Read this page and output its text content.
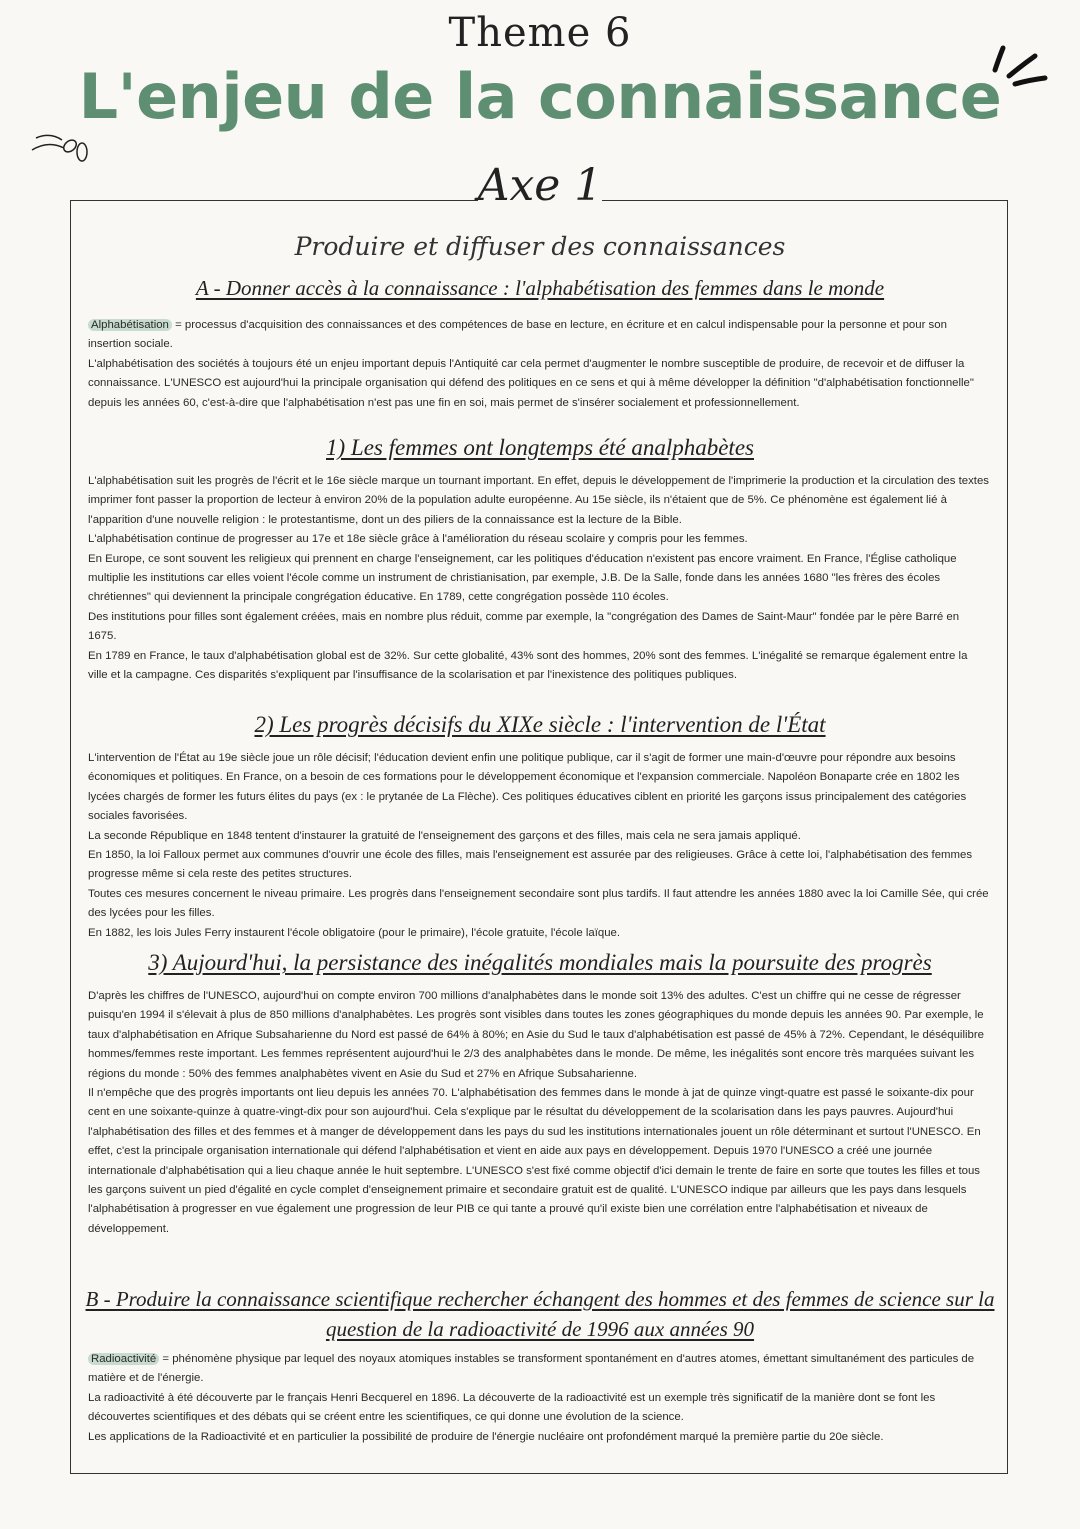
Theme 6
L'enjeu de la connaissance
Axe 1
Produire et diffuser des connaissances
A - Donner accès à la connaissance : l'alphabétisation des femmes dans le monde

Alphabétisation = processus d'acquisition des connaissances et des compétences de base en lecture, en écriture et en calcul indispensable pour la personne et pour son insertion sociale.

L'alphabétisation des sociétés à toujours été un enjeu important depuis l'Antiquité car cela permet d'augmenter le nombre susceptible de produire, de recevoir et de diffuser la connaissance. L'UNESCO est aujourd'hui la principale organisation qui défend des politiques en ce sens et qui à même développer la définition "d'alphabétisation fonctionnelle" depuis les années 60, c'est-à-dire que l'alphabétisation n'est pas une fin en soi, mais permet de s'insérer socialement et professionnellement.

1) Les femmes ont longtemps été analphabètes

L'alphabétisation suit les progrès de l'écrit et le 16e siècle marque un tournant important. En effet, depuis le développement de l'imprimerie la production et la circulation des textes imprimer font passer la proportion de lecteur à environ 20% de la population adulte européenne. Au 15e siècle, ils n'étaient que de 5%. Ce phénomène est également lié à l'apparition d'une nouvelle religion : le protestantisme, dont un des piliers de la connaissance est la lecture de la Bible.

L'alphabétisation continue de progresser au 17e et 18e siècle grâce à l'amélioration du réseau scolaire y compris pour les femmes.

En Europe, ce sont souvent les religieux qui prennent en charge l'enseignement, car les politiques d'éducation n'existent pas encore vraiment. En France, l'Église catholique multiplie les institutions car elles voient l'école comme un instrument de christianisation, par exemple, J.B. De la Salle, fonde dans les années 1680 "les frères des écoles chrétiennes" qui deviennent la principale congrégation éducative. En 1789, cette congrégation possède 110 écoles.

Des institutions pour filles sont également créées, mais en nombre plus réduit, comme par exemple, la "congrégation des Dames de Saint-Maur" fondée par le père Barré en 1675.

En 1789 en France, le taux d'alphabétisation global est de 32%. Sur cette globalité, 43% sont des hommes, 20% sont des femmes. L'inégalité se remarque également entre la ville et la campagne. Ces disparités s'expliquent par l'insuffisance de la scolarisation et par l'inexistence des politiques publiques.

2) Les progrès décisifs du XIXe siècle : l'intervention de l'État

L'intervention de l'État au 19e siècle joue un rôle décisif; l'éducation devient enfin une politique publique, car il s'agit de former une main-d'œuvre pour répondre aux besoins économiques et politiques. En France, on a besoin de ces formations pour le développement économique et l'expansion commerciale. Napoléon Bonaparte crée en 1802 les lycées chargés de former les futurs élites du pays (ex : le prytanée de La Flèche). Ces politiques éducatives ciblent en priorité les garçons issus principalement des catégories sociales favorisées.

La seconde République en 1848 tentent d'instaurer la gratuité de l'enseignement des garçons et des filles, mais cela ne sera jamais appliqué.

En 1850, la loi Falloux permet aux communes d'ouvrir une école des filles, mais l'enseignement est assurée par des religieuses. Grâce à cette loi, l'alphabétisation des femmes progresse même si cela reste des petites structures.

Toutes ces mesures concernent le niveau primaire. Les progrès dans l'enseignement secondaire sont plus tardifs. Il faut attendre les années 1880 avec la loi Camille Sée, qui crée des lycées pour les filles.

En 1882, les lois Jules Ferry instaurent l'école obligatoire (pour le primaire), l'école gratuite, l'école laïque.

3) Aujourd'hui, la persistance des inégalités mondiales mais la poursuite des progrès

D'après les chiffres de l'UNESCO, aujourd'hui on compte environ 700 millions d'analphabètes dans le monde soit 13% des adultes. C'est un chiffre qui ne cesse de régresser puisqu'en 1994 il s'élevait à plus de 850 millions d'analphabètes. Les progrès sont visibles dans toutes les zones géographiques du monde depuis les années 90. Par exemple, le taux d'alphabétisation en Afrique Subsaharienne du Nord est passé de 64% à 80%; en Asie du Sud le taux d'alphabétisation est passé de 45% à 72%. Cependant, le déséquilibre hommes/femmes reste important. Les femmes représentent aujourd'hui le 2/3 des analphabètes dans le monde. De même, les inégalités sont encore très marquées suivant les régions du monde : 50% des femmes analphabètes vivent en Asie du Sud et 27% en Afrique Subsaharienne.

Il n'empêche que des progrès importants ont lieu depuis les années 70. L'alphabétisation des femmes dans le monde à jat de quinze vingt-quatre est passé le soixante-dix pour cent en une soixante-quinze à quatre-vingt-dix pour son aujourd'hui. Cela s'explique par le résultat du développement de la scolarisation dans les pays pauvres. Aujourd'hui l'alphabétisation des filles et des femmes et à manger de développement dans les pays du sud les institutions internationales jouent un rôle déterminant et surtout l'UNESCO. En effet, c'est la principale organisation internationale qui défend l'alphabétisation et vient en aide aux pays en développement. Depuis 1970 l'UNESCO a créé une journée internationale d'alphabétisation qui a lieu chaque année le huit septembre. L'UNESCO s'est fixé comme objectif d'ici demain le trente de faire en sorte que toutes les filles et tous les garçons suivent un pied d'égalité en cycle complet d'enseignement primaire et secondaire gratuit est de qualité. L'UNESCO indique par ailleurs que les pays dans lesquels l'alphabétisation à progresser en vue également une progression de leur PIB ce qui tante a prouvé qu'il existe bien une corrélation entre l'alphabétisation et niveaux de développement.

B - Produire la connaissance scientifique rechercher échangent des hommes et des femmes de science sur la
question de la radioactivité de 1996 aux années 90

Radioactivité = phénomène physique par lequel des noyaux atomiques instables se transforment spontanément en d'autres atomes, émettant simultanément des particules de matière et de l'énergie.

La radioactivité à été découverte par le français Henri Becquerel en 1896. La découverte de la radioactivité est un exemple très significatif de la manière dont se font les découvertes scientifiques et des débats qui se créent entre les scientifiques, ce qui donne une évolution de la science.

Les applications de la Radioactivité et en particulier la possibilité de produire de l'énergie nucléaire ont profondément marqué la première partie du 20e siècle.
